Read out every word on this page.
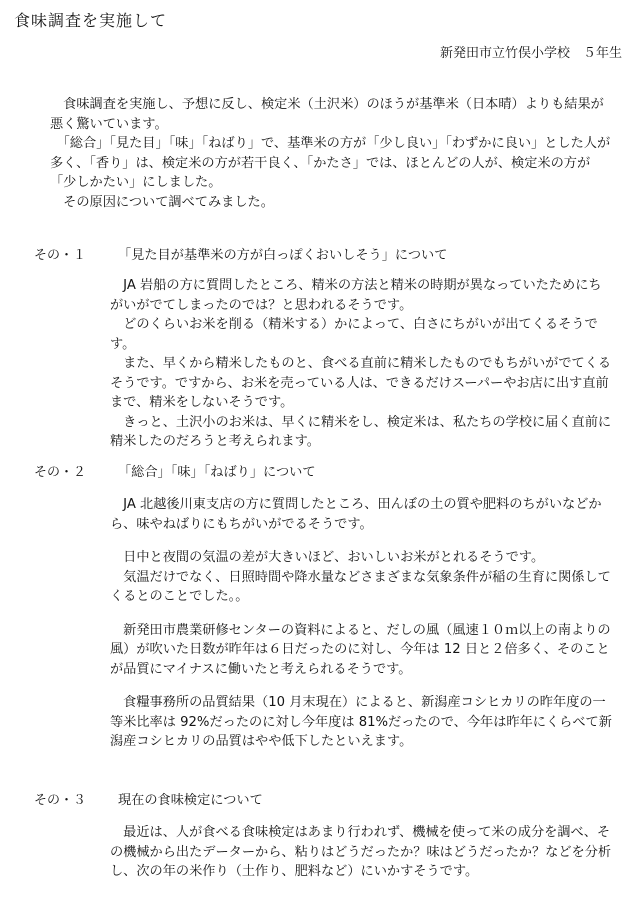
食味調査を実施して
新発田市立竹俣小学校　５年生

　食味調査を実施し、予想に反し、検定米（土沢米）のほうが基準米（日本晴）よりも結果が悪く驚いています。

　「総合」「見た目」「味」「ねばり」で、基準米の方が「少し良い」「わずかに良い」とした人が多く、「香り」は、検定米の方が若干良く、「かたさ」では、ほとんどの人が、検定米の方が「少しかたい」にしました。

　その原因について調べてみました。

その・１ 「見た目が基準米の方が白っぽくおいしそう」について

　JA 岩船の方に質問したところ、精米の方法と精米の時期が異なっていたためにちがいがでてしまったのでは？と思われるそうです。

　どのくらいお米を削る（精米する）かによって、白さにちがいが出てくるそうです。

　また、早くから精米したものと、食べる直前に精米したものでもちがいがでてくるそうです。ですから、お米を売っている人は、できるだけスーパーやお店に出す直前まで、精米をしないそうです。

　きっと、土沢小のお米は、早くに精米をし、検定米は、私たちの学校に届く直前に精米したのだろうと考えられます。

その・２ 「総合」「味」「ねばり」について

　JA 北越後川東支店の方に質問したところ、田んぼの土の質や肥料のちがいなどから、味やねばりにもちがいがでるそうです。

　日中と夜間の気温の差が大きいほど、おいしいお米がとれるそうです。

　気温だけでなく、日照時間や降水量などさまざまな気象条件が稲の生育に関係してくるとのことでした。。

　新発田市農業研修センターの資料によると、だしの風（風速１０ｍ以上の南よりの風）が吹いた日数が昨年は６日だったのに対し、今年は 12 日と２倍多く、そのことが品質にマイナスに働いたと考えられるそうです。

　食糧事務所の品質結果（10 月末現在）によると、新潟産コシヒカリの昨年度の一等米比率は 92%だったのに対し今年度は 81%だったので、今年は昨年にくらべて新潟産コシヒカリの品質はやや低下したといえます。

その・３ 現在の食味検定について

　最近は、人が食べる食味検定はあまり行われず、機械を使って米の成分を調べ、その機械から出たデーターから、粘りはどうだったか？味はどうだったか？などを分析し、次の年の米作り（土作り、肥料など）にいかすそうです。
